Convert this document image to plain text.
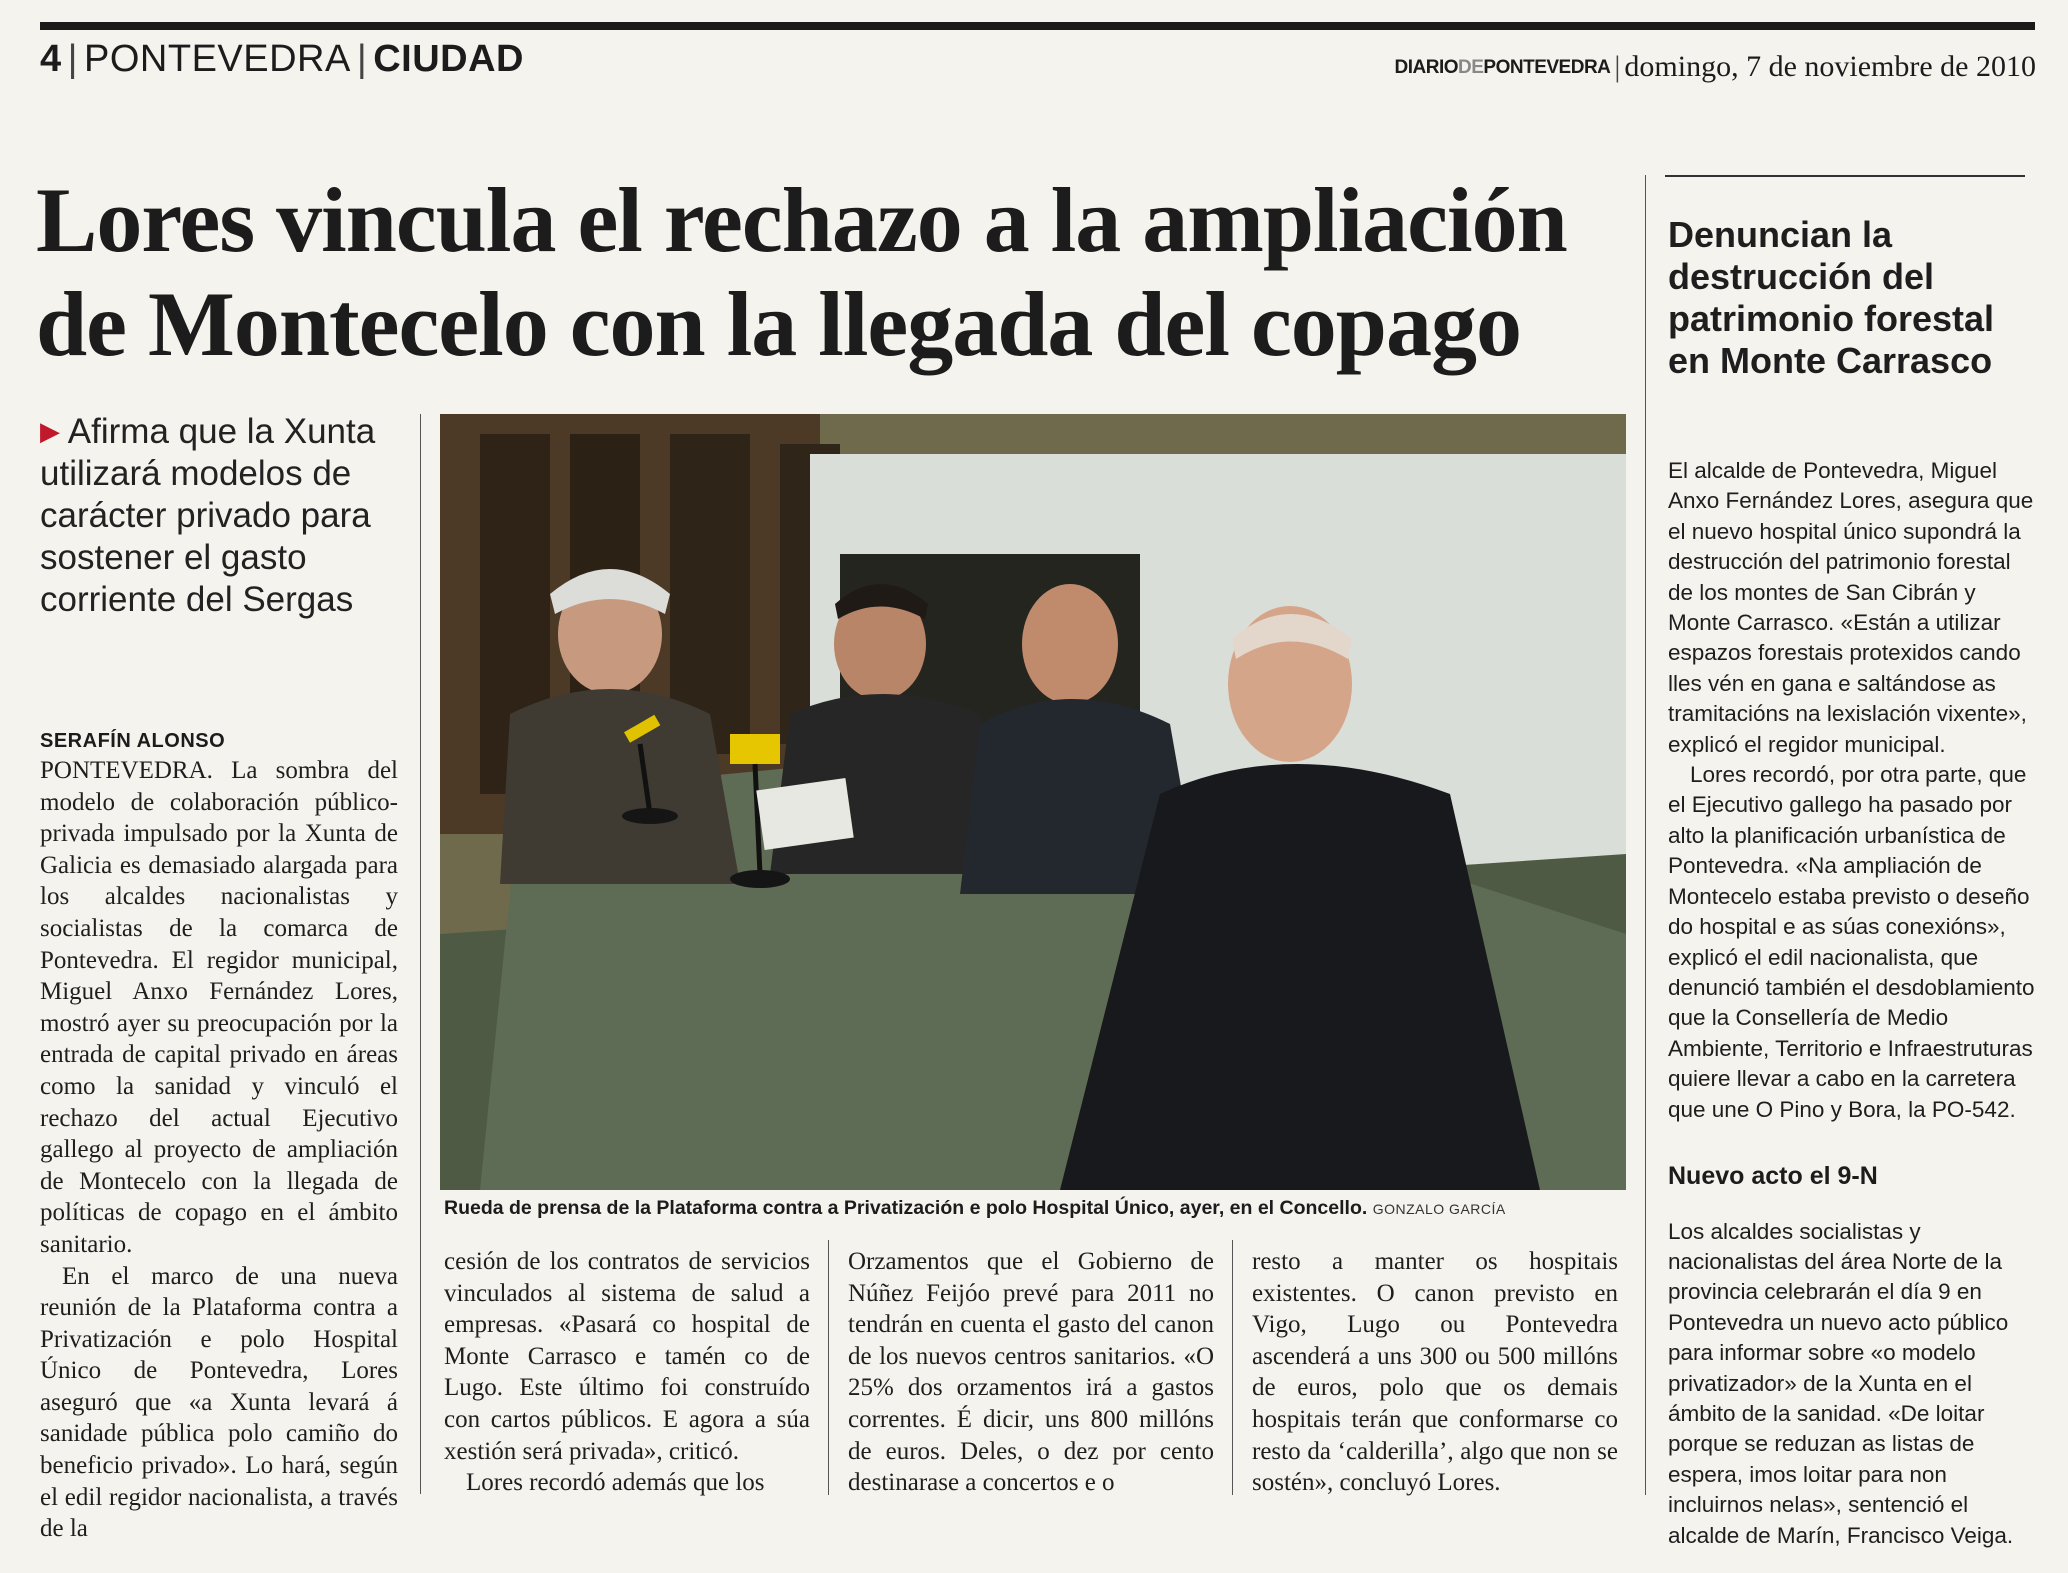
4 | PONTEVEDRA | CIUDAD	DIARIODEPONTEVEDRA | domingo, 7 de noviembre de 2010
Lores vincula el rechazo a la ampliación de Montecelo con la llegada del copago
▶ Afirma que la Xunta utilizará modelos de carácter privado para sostener el gasto corriente del Sergas
SERAFÍN ALONSO

PONTEVEDRA. La sombra del modelo de colaboración público-privada impulsado por la Xunta de Galicia es demasiado alargada para los alcaldes nacionalistas y socialistas de la comarca de Pontevedra. El regidor municipal, Miguel Anxo Fernández Lores, mostró ayer su preocupación por la entrada de capital privado en áreas como la sanidad y vinculó el rechazo del actual Ejecutivo gallego al proyecto de ampliación de Montecelo con la llegada de políticas de copago en el ámbito sanitario.

En el marco de una nueva reunión de la Plataforma contra a Privatización e polo Hospital Único de Pontevedra, Lores aseguró que «a Xunta levará á sanidade pública polo camiño do beneficio privado». Lo hará, según el edil regidor nacionalista, a través de la

Rueda de prensa de la Plataforma contra a Privatización e polo Hospital Único, ayer, en el Concello. GONZALO GARCÍA

cesión de los contratos de servicios vinculados al sistema de salud a empresas. «Pasará co hospital de Monte Carrasco e tamén co de Lugo. Este último foi construído con cartos públicos. E agora a súa xestión será privada», criticó.

Lores recordó además que los

Orzamentos que el Gobierno de Núñez Feijóo prevé para 2011 no tendrán en cuenta el gasto del canon de los nuevos centros sanitarios. «O 25% dos orzamentos irá a gastos correntes. É dicir, uns 800 millóns de euros. Deles, o dez por cento destinarase a concertos e o

resto a manter os hospitais existentes. O canon previsto en Vigo, Lugo ou Pontevedra ascenderá a uns 300 ou 500 millóns de euros, polo que os demais hospitais terán que conformarse co resto da ‘calderilla’, algo que non se sostén», concluyó Lores.

Denuncian la destrucción del patrimonio forestal en Monte Carrasco

El alcalde de Pontevedra, Miguel Anxo Fernández Lores, asegura que el nuevo hospital único supondrá la destrucción del patrimonio forestal de los montes de San Cibrán y Monte Carrasco. «Están a utilizar espazos forestais protexidos cando lles vén en gana e saltándose as tramitacións na lexislación vixente», explicó el regidor municipal.

Lores recordó, por otra parte, que el Ejecutivo gallego ha pasado por alto la planificación urbanística de Pontevedra. «Na ampliación de Montecelo estaba previsto o deseño do hospital e as súas conexións», explicó el edil nacionalista, que denunció también el desdoblamiento que la Consellería de Medio Ambiente, Territorio e Infraestruturas quiere llevar a cabo en la carretera que une O Pino y Bora, la PO-542.

Nuevo acto el 9-N

Los alcaldes socialistas y nacionalistas del área Norte de la provincia celebrarán el día 9 en Pontevedra un nuevo acto público para informar sobre «o modelo privatizador» de la Xunta en el ámbito de la sanidad. «De loitar porque se reduzan as listas de espera, imos loitar para non incluirnos nelas», sentenció el alcalde de Marín, Francisco Veiga.
